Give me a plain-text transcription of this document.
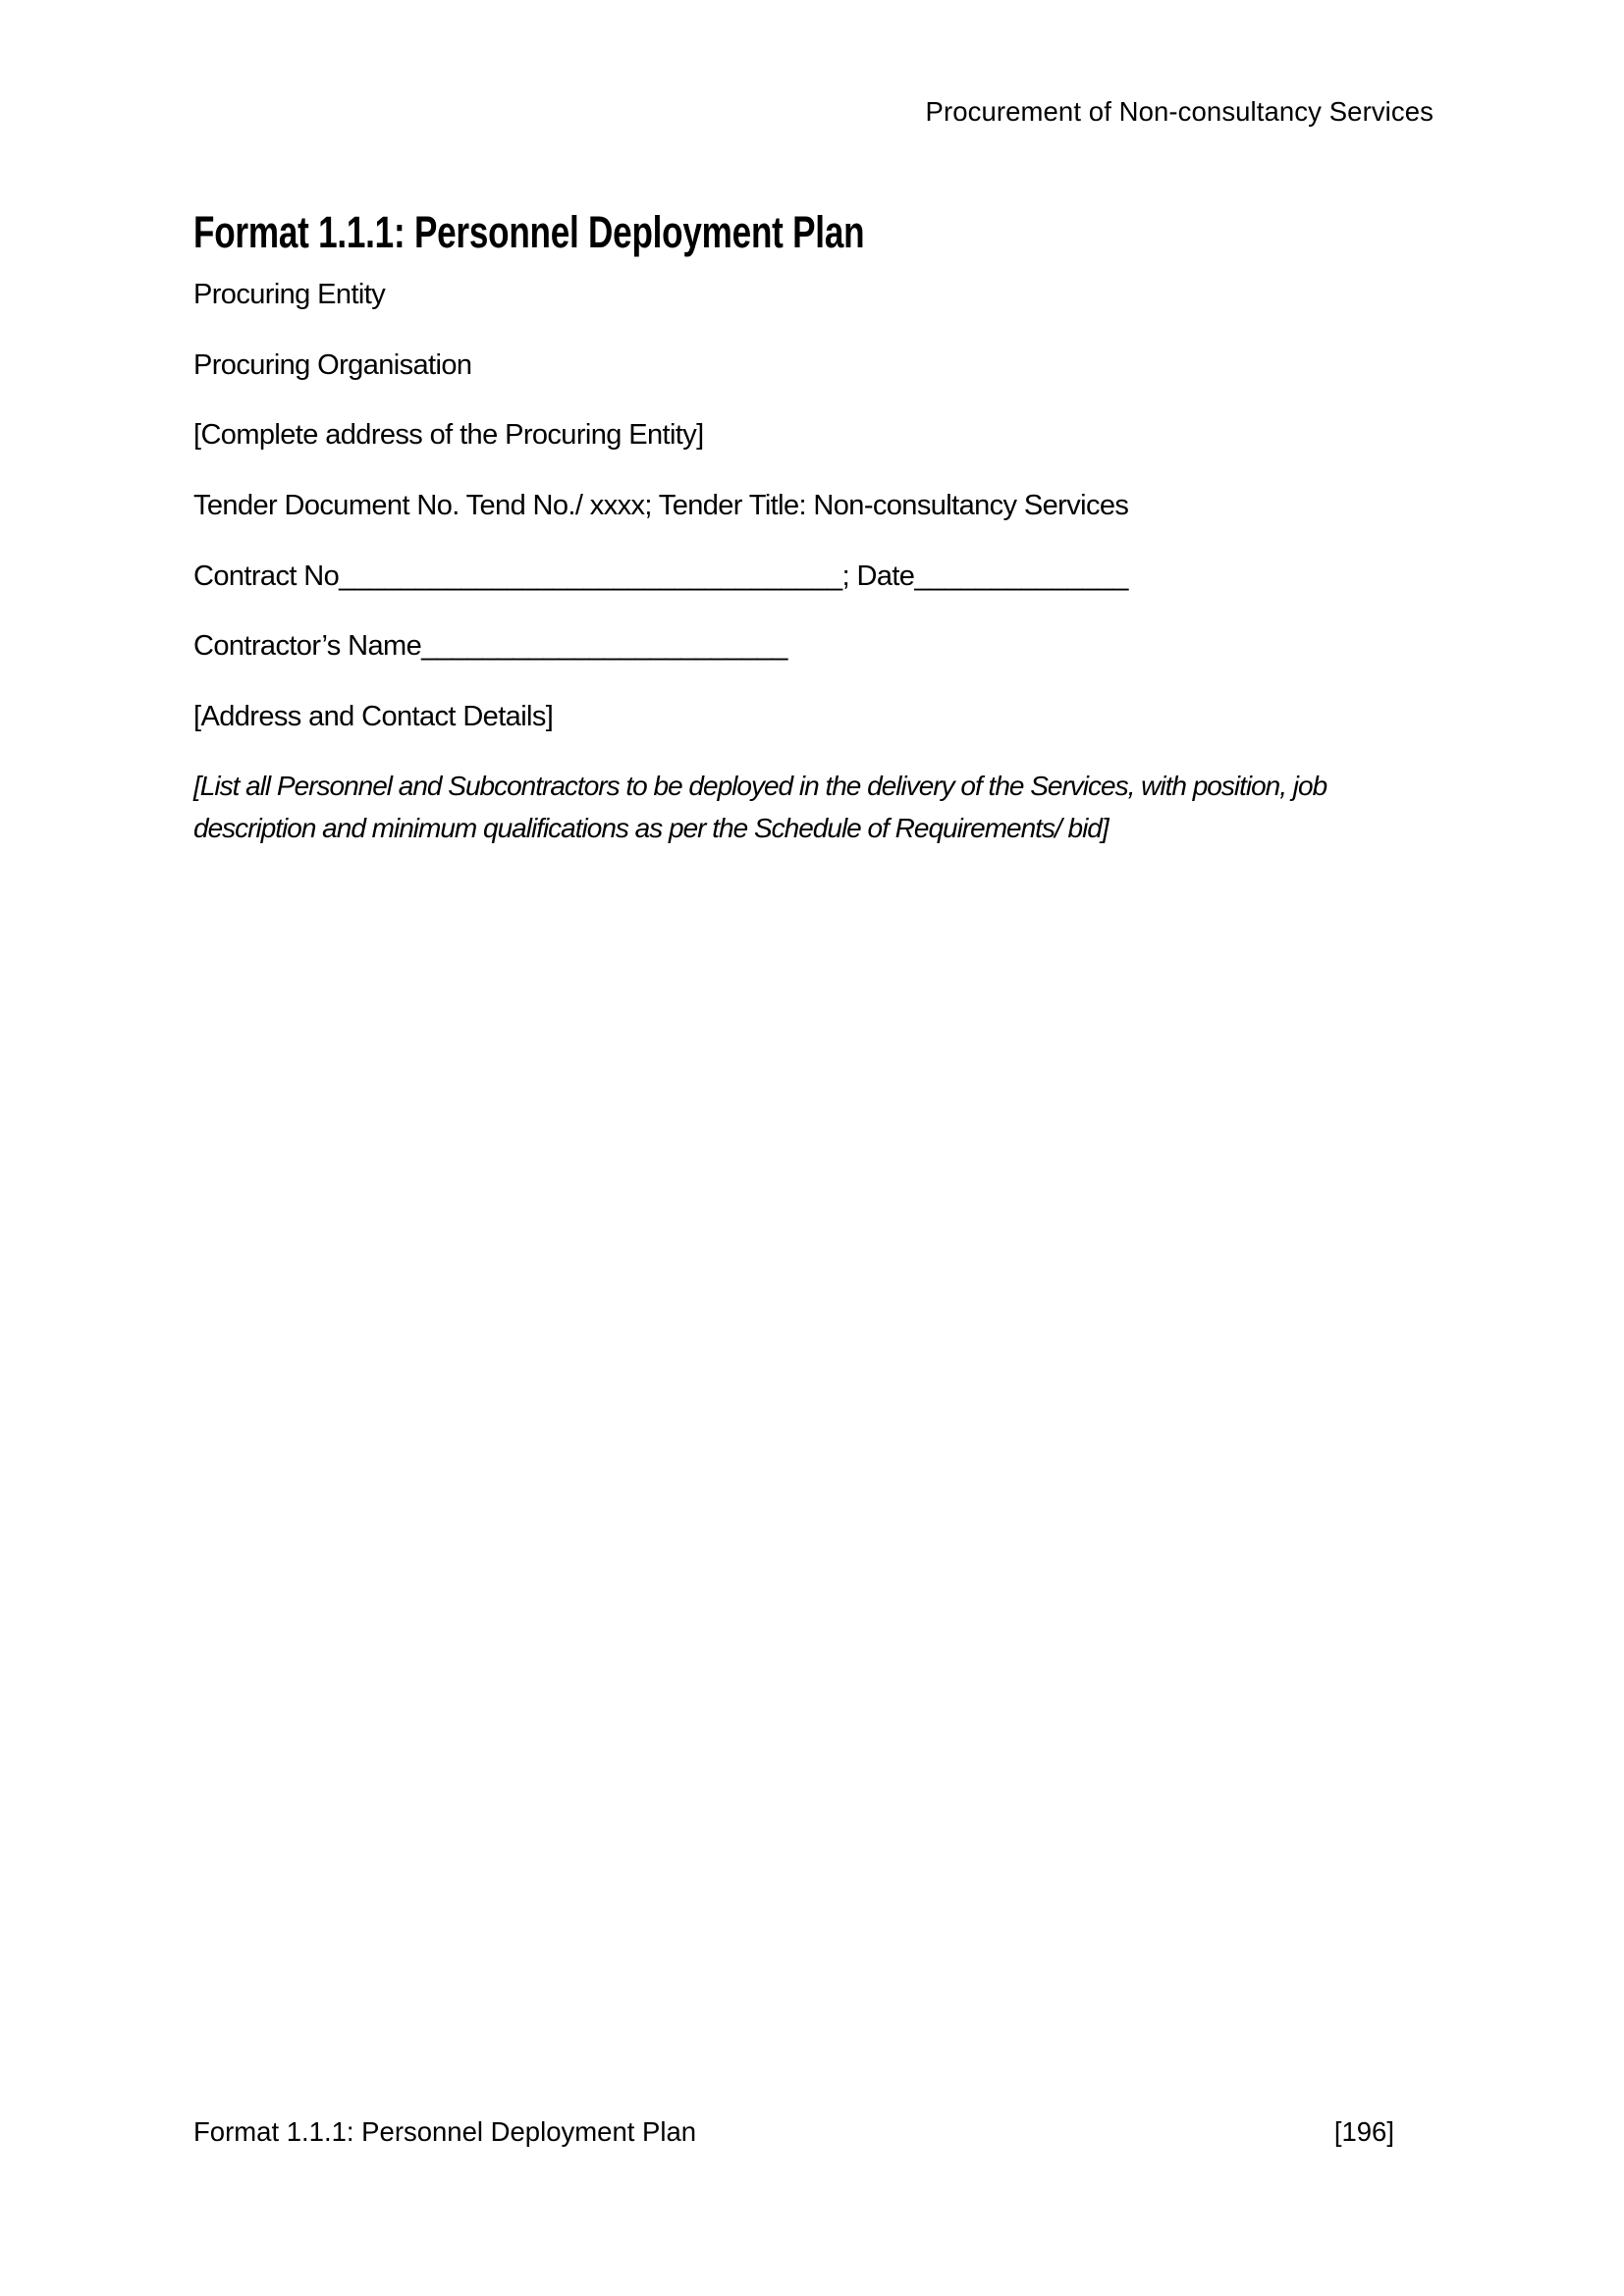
Procurement of Non-consultancy Services
Format 1.1.1: Personnel Deployment Plan

Procuring Entity

Procuring Organisation

[Complete address of the Procuring Entity]

Tender Document No. Tend No./ xxxx; Tender Title: Non-consultancy Services

Contract No_________________________________; Date______________

Contractor’s Name________________________

[Address and Contact Details]

[List all Personnel and Subcontractors to be deployed in the delivery of the Services, with position, job
description and minimum qualifications as per the Schedule of Requirements/ bid]

Format 1.1.1: Personnel Deployment Plan	[196]
